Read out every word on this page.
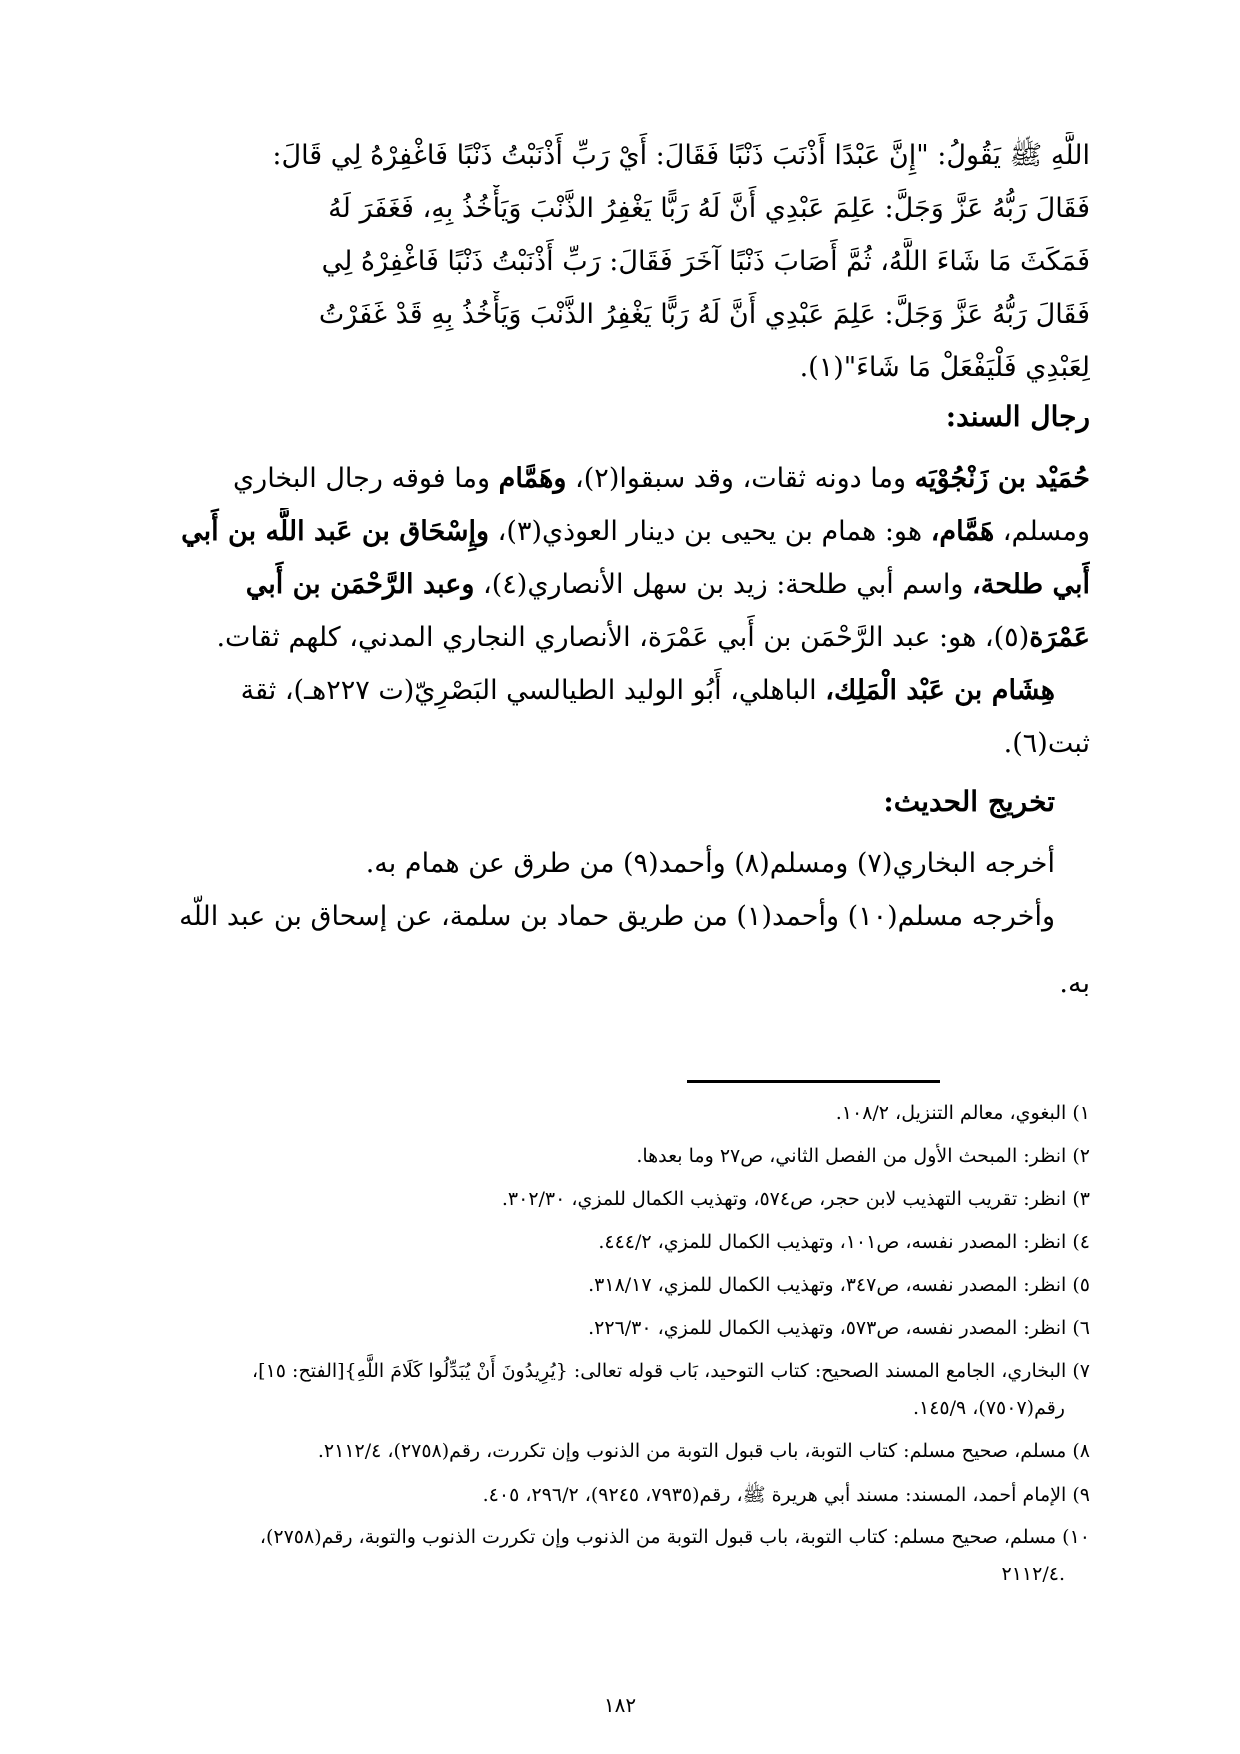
اللَّهِ ﷺ يَقُولُ: "إِنَّ عَبْدًا أَذْنَبَ ذَنْبًا فَقَالَ: أَيْ رَبِّ أَذْنَبْتُ ذَنْبًا فَاغْفِرْهُ لِي قَالَ:
فَقَالَ رَبُّهُ عَزَّ وَجَلَّ: عَلِمَ عَبْدِي أَنَّ لَهُ رَبًّا يَغْفِرُ الذَّنْبَ وَيَأْخُذُ بِهِ، فَغَفَرَ لَهُ
فَمَكَثَ مَا شَاءَ اللَّهُ، ثُمَّ أَصَابَ ذَنْبًا آخَرَ فَقَالَ: رَبِّ أَذْنَبْتُ ذَنْبًا فَاغْفِرْهُ لِي
فَقَالَ رَبُّهُ عَزَّ وَجَلَّ: عَلِمَ عَبْدِي أَنَّ لَهُ رَبًّا يَغْفِرُ الذَّنْبَ وَيَأْخُذُ بِهِ قَدْ غَفَرْتُ
لِعَبْدِي فَلْيَفْعَلْ مَا شَاءَ"(١).
رجال السند:
حُمَيْد بن زَنْجُوْيَه وما دونه ثقات، وقد سبقوا(٢)، وهَمَّام وما فوقه رجال البخاري
ومسلم، هَمَّام، هو: همام بن يحيى بن دينار العوذي(٣)، وإِسْحَاق بن عَبد اللَّه بن أَبي
أَبي طلحة، واسم أبي طلحة: زيد بن سهل الأنصاري(٤)، وعبد الرَّحْمَن بن أَبي
عَمْرَة(٥)، هو: عبد الرَّحْمَن بن أَبي عَمْرَة، الأنصاري النجاري المدني، كلهم ثقات.
هِشَام بن عَبْد الْمَلِك، الباهلي، أَبُو الوليد الطيالسي البَصْرِيّ(ت ٢٢٧هـ)، ثقة
ثبت(٦).
تخريج الحديث:
أخرجه البخاري(٧) ومسلم(٨) وأحمد(٩) من طرق عن همام به.
وأخرجه مسلم(١٠) وأحمد(١) من طريق حماد بن سلمة، عن إسحاق بن عبد اللّه
به.
١) البغوي، معالم التنزيل، ١٠٨/٢.
٢) انظر: المبحث الأول من الفصل الثاني، ص٢٧ وما بعدها.
٣) انظر: تقريب التهذيب لابن حجر، ص٥٧٤، وتهذيب الكمال للمزي، ٣٠٢/٣٠.
٤) انظر: المصدر نفسه، ص١٠١، وتهذيب الكمال للمزي، ٤٤٤/٢.
٥) انظر: المصدر نفسه، ص٣٤٧، وتهذيب الكمال للمزي، ٣١٨/١٧.
٦) انظر: المصدر نفسه، ص٥٧٣، وتهذيب الكمال للمزي، ٢٢٦/٣٠.
٧) البخاري، الجامع المسند الصحيح: كتاب التوحيد، بَاب قوله تعالى: {يُرِيدُونَ أَنْ يُبَدِّلُوا كَلَامَ اللَّهِ}[الفتح: ١٥]،
رقم(٧٥٠٧)، ١٤٥/٩.
٨) مسلم، صحيح مسلم: كتاب التوبة، باب قبول التوبة من الذنوب وإن تكررت، رقم(٢٧٥٨)، ٢١١٢/٤.
٩) الإمام أحمد، المسند: مسند أبي هريرة ﷺ، رقم(٧٩٣٥، ٩٢٤٥)، ٢٩٦/٢، ٤٠٥.
١٠) مسلم، صحيح مسلم: كتاب التوبة، باب قبول التوبة من الذنوب وإن تكررت الذنوب والتوبة، رقم(٢٧٥٨)،
.٢١١٢/٤
١٨٢
